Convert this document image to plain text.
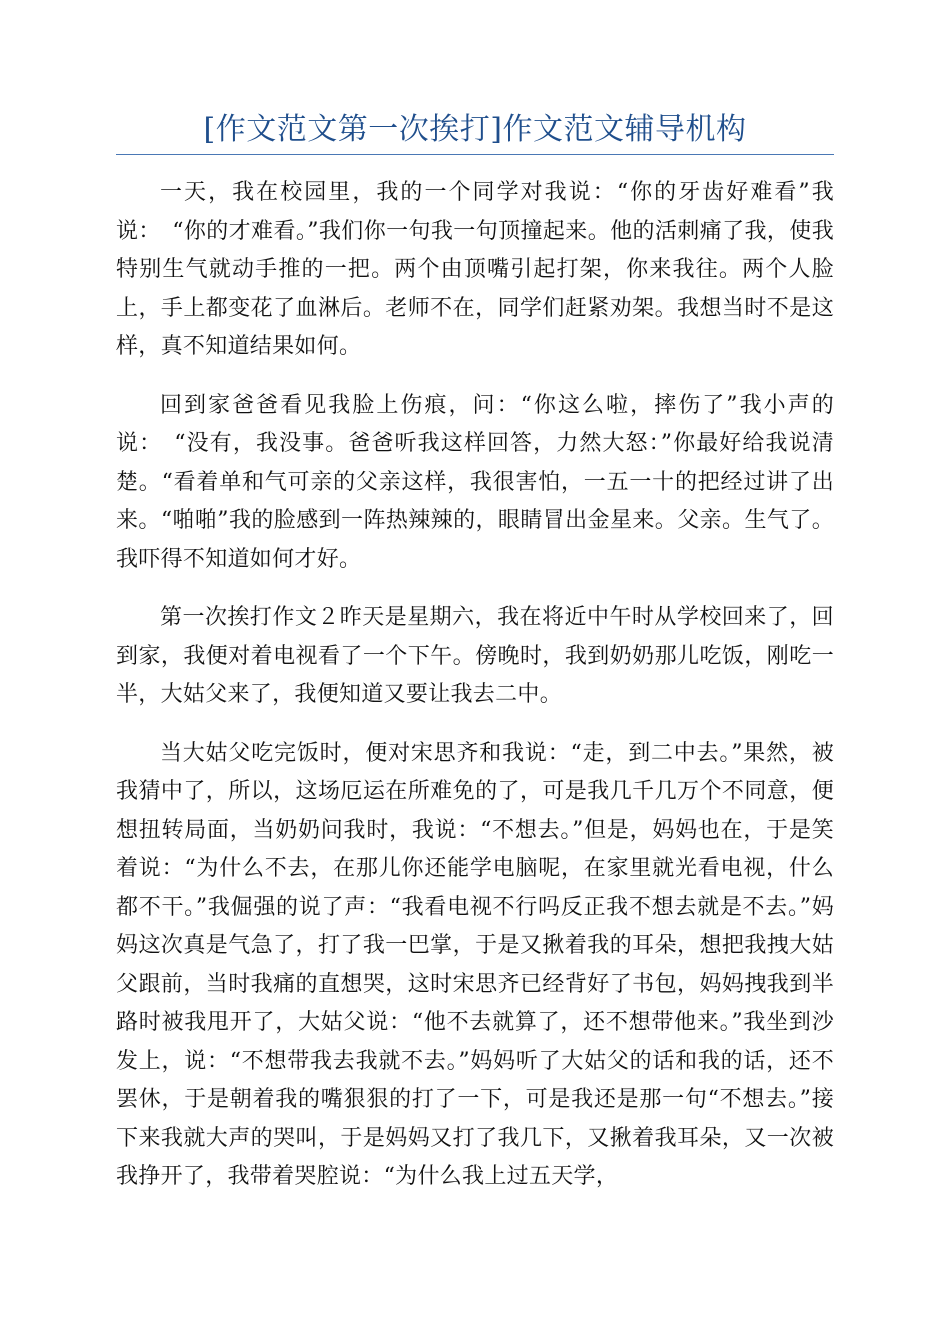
[作文范文第一次挨打]作文范文辅导机构

一天，我在校园里，我的一个同学对我说：“你的牙齿好难看”我说：　“你的才难看。”我们你一句我一句顶撞起来。他的活刺痛了我，使我特别生气就动手推的一把。两个由顶嘴引起打架，你来我往。两个人脸上，手上都变花了血淋后。老师不在，同学们赶紧劝架。我想当时不是这样，真不知道结果如何。

回到家爸爸看见我脸上伤痕，问：“你这么啦，摔伤了”我小声的说：　“没有，我没事。爸爸听我这样回答，力然大怒：”你最好给我说清楚。“看着单和气可亲的父亲这样，我很害怕，一五一十的把经过讲了出来。“啪啪”我的脸感到一阵热辣辣的，眼睛冒出金星来。父亲。生气了。我吓得不知道如何才好。

第一次挨打作文２昨天是星期六，我在将近中午时从学校回来了，回到家，我便对着电视看了一个下午。傍晚时，我到奶奶那儿吃饭，刚吃一半，大姑父来了，我便知道又要让我去二中。

当大姑父吃完饭时，便对宋思齐和我说：“走，到二中去。”果然，被我猜中了，所以，这场厄运在所难免的了，可是我几千几万个不同意，便想扭转局面，当奶奶问我时，我说：“不想去。”但是，妈妈也在，于是笑着说：“为什么不去，在那儿你还能学电脑呢，在家里就光看电视，什么都不干。”我倔强的说了声：“我看电视不行吗反正我不想去就是不去。”妈妈这次真是气急了，打了我一巴掌，于是又揪着我的耳朵，想把我拽大姑父跟前，当时我痛的直想哭，这时宋思齐已经背好了书包，妈妈拽我到半路时被我甩开了，大姑父说：“他不去就算了，还不想带他来。”我坐到沙发上，说：“不想带我去我就不去。”妈妈听了大姑父的话和我的话，还不罢休，于是朝着我的嘴狠狠的打了一下，可是我还是那一句“不想去。”接下来我就大声的哭叫，于是妈妈又打了我几下，又揪着我耳朵，又一次被我挣开了，我带着哭腔说：“为什么我上过五天学，
